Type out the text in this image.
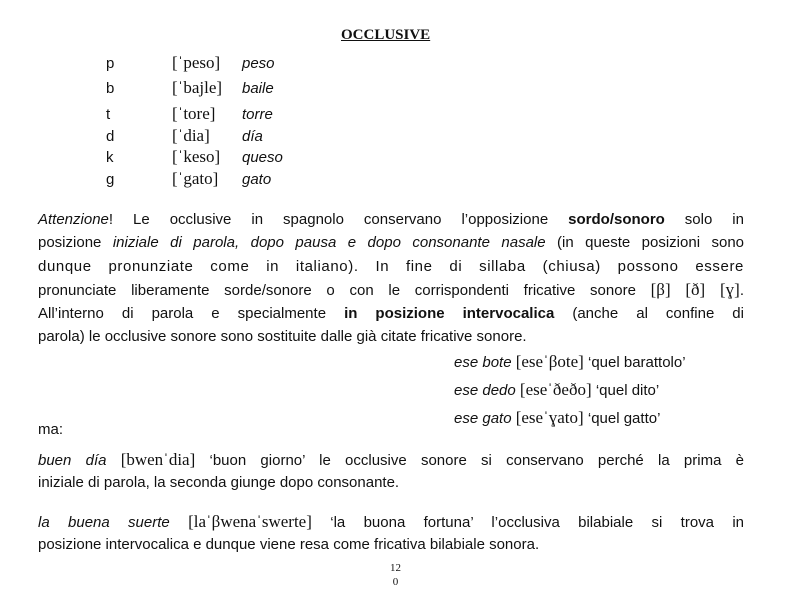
OCCLUSIVE
p	[ˈpeso] peso
b	[ˈbajle] baile
t	[ˈtore] torre
d	[ˈdia] día
k	[ˈkeso] queso
g	[ˈgato] gato
Attenzione! Le occlusive in spagnolo conservano l’opposizione sordo/sonoro solo in
posizione iniziale di parola, dopo pausa e dopo consonante nasale (in queste posizioni sono
dunque pronunziate come in italiano). In fine di sillaba (chiusa) possono essere
pronunciate liberamente sorde/sonore o con le corrispondenti fricative sonore [β] [ð] [ɣ].
All’interno di parola e specialmente in posizione intervocalica (anche al confine di
parola) le occlusive sonore sono sostituite dalle già citate fricative sonore.
ese bote [eseˈβote] ‘quel barattolo’
ese dedo [eseˈðeðo] ‘quel dito’
ese gato [eseˈɣato] ‘quel gatto’
ma:
buen día [bwenˈdia] ‘buon giorno’ le occlusive sonore si conservano perché la prima è
iniziale di parola, la seconda giunge dopo consonante.
la buena suerte [laˈβwenaˈswerte] ‘la buona fortuna’ l’occlusiva bilabiale si trova in
posizione intervocalica e dunque viene resa come fricativa bilabiale sonora.
12
0
